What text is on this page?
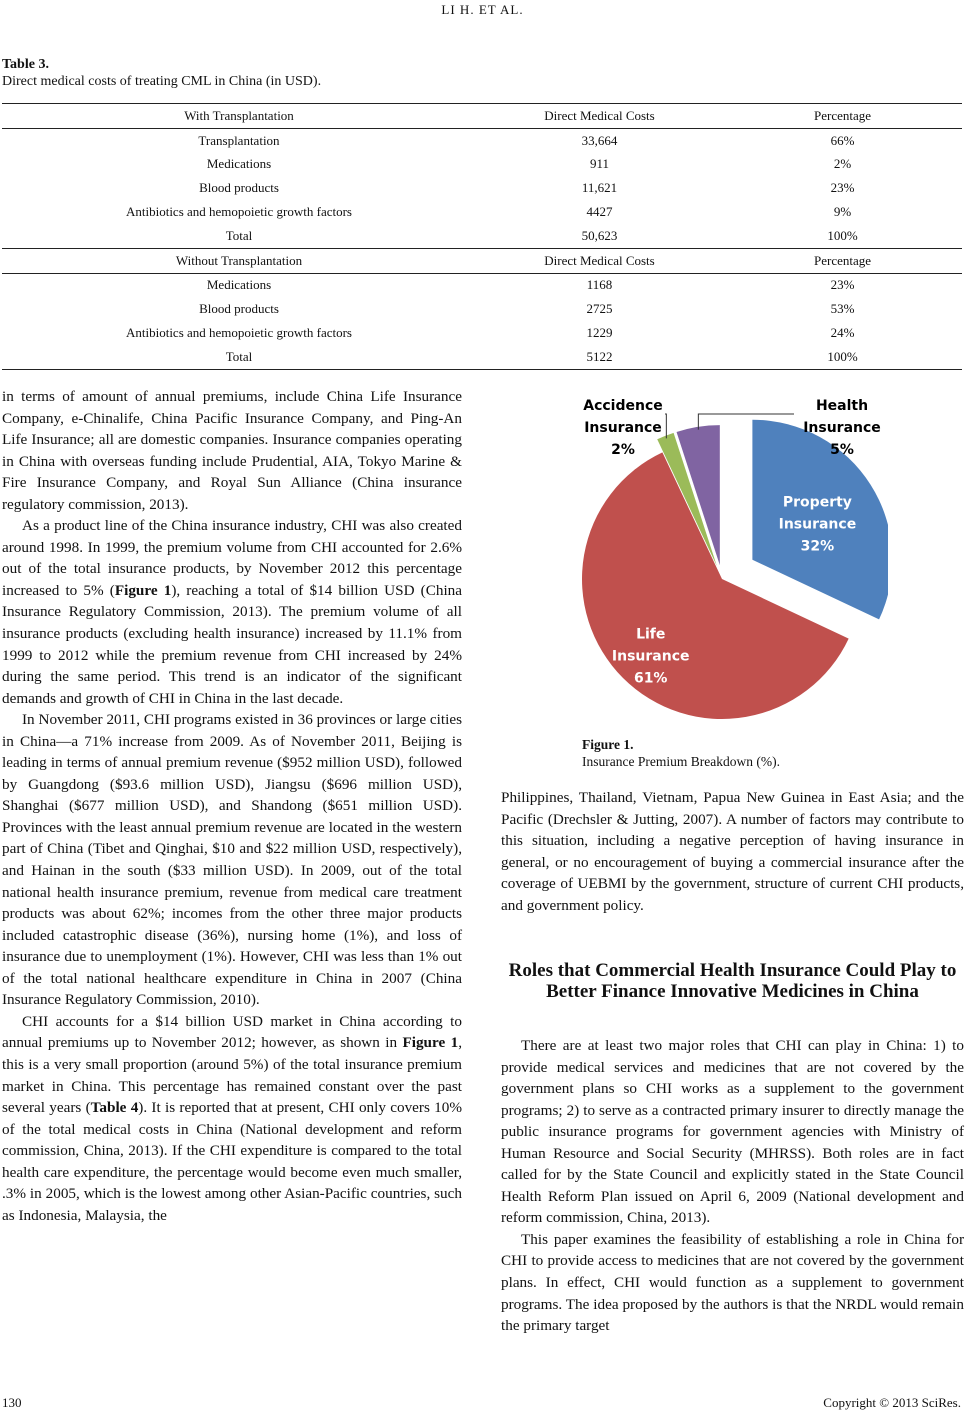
LI H. ET AL.
Table 3.
Direct medical costs of treating CML in China (in USD).
With Transplantation	Direct Medical Costs	Percentage
Transplantation	33,664	66%
Medications	911	2%
Blood products	11,621	23%
Antibiotics and hemopoietic growth factors	4427	9%
Total	50,623	100%
Without Transplantation	Direct Medical Costs	Percentage
Medications	1168	23%
Blood products	2725	53%
Antibiotics and hemopoietic growth factors	1229	24%
Total	5122	100%

in terms of amount of annual premiums, include China Life Insurance Company, e-Chinalife, China Pacific Insurance Company, and Ping-An Life Insurance; all are domestic companies. Insurance companies operating in China with overseas funding include Prudential, AIA, Tokyo Marine & Fire Insurance Company, and Royal Sun Alliance (China insurance regulatory commission, 2013).

As a product line of the China insurance industry, CHI was also created around 1998. In 1999, the premium volume from CHI accounted for 2.6% out of the total insurance products, by November 2012 this percentage increased to 5% (Figure 1), reaching a total of $14 billion USD (China Insurance Regulatory Commission, 2013). The premium volume of all insurance products (excluding health insurance) increased by 11.1% from 1999 to 2012 while the premium revenue from CHI increased by 24% during the same period. This trend is an indicator of the significant demands and growth of CHI in China in the last decade.

In November 2011, CHI programs existed in 36 provinces or large cities in China—a 71% increase from 2009. As of November 2011, Beijing is leading in terms of annual premium revenue ($952 million USD), followed by Guangdong ($93.6 million USD), Jiangsu ($696 million USD), Shanghai ($677 million USD), and Shandong ($651 million USD). Provinces with the least annual premium revenue are located in the western part of China (Tibet and Qinghai, $10 and $22 million USD, respectively), and Hainan in the south ($33 million USD). In 2009, out of the total national health insurance premium, revenue from medical care treatment products was about 62%; incomes from the other three major products included catastrophic disease (36%), nursing home (1%), and loss of insurance due to unemployment (1%). However, CHI was less than 1% out of the total national healthcare expenditure in China in 2007 (China Insurance Regulatory Commission, 2010).

CHI accounts for a $14 billion USD market in China according to annual premiums up to November 2012; however, as shown in Figure 1, this is a very small proportion (around 5%) of the total insurance premium market in China. This percentage has remained constant over the past several years (Table 4). It is reported that at present, CHI only covers 10% of the total medical costs in China (National development and reform commission, China, 2013). If the CHI expenditure is compared to the total health care expenditure, the percentage would become even much smaller, .3% in 2005, which is the lowest among other Asian-Pacific countries, such as Indonesia, Malaysia, the

Property Insurance 32%
Life Insurance 61%
Accidence Insurance 2%
Health Insurance 5%
Figure 1.
Insurance Premium Breakdown (%).

Philippines, Thailand, Vietnam, Papua New Guinea in East Asia; and the Pacific (Drechsler & Jutting, 2007). A number of factors may contribute to this situation, including a negative perception of having insurance in general, or no encouragement of buying a commercial insurance after the coverage of UEBMI by the government, structure of current CHI products, and government policy.

Roles that Commercial Health Insurance Could Play to Better Finance Innovative Medicines in China

There are at least two major roles that CHI can play in China: 1) to provide medical services and medicines that are not covered by the government plans so CHI works as a supplement to the government programs; 2) to serve as a contracted primary insurer to directly manage the public insurance programs for government agencies with Ministry of Human Resource and Social Security (MHRSS). Both roles are in fact called for by the State Council and explicitly stated in the State Council Health Reform Plan issued on April 6, 2009 (National development and reform commission, China, 2013).

This paper examines the feasibility of establishing a role in China for CHI to provide access to medicines that are not covered by the government plans. In effect, CHI would function as a supplement to government programs. The idea proposed by the authors is that the NRDL would remain the primary target

130	Copyright © 2013 SciRes.
